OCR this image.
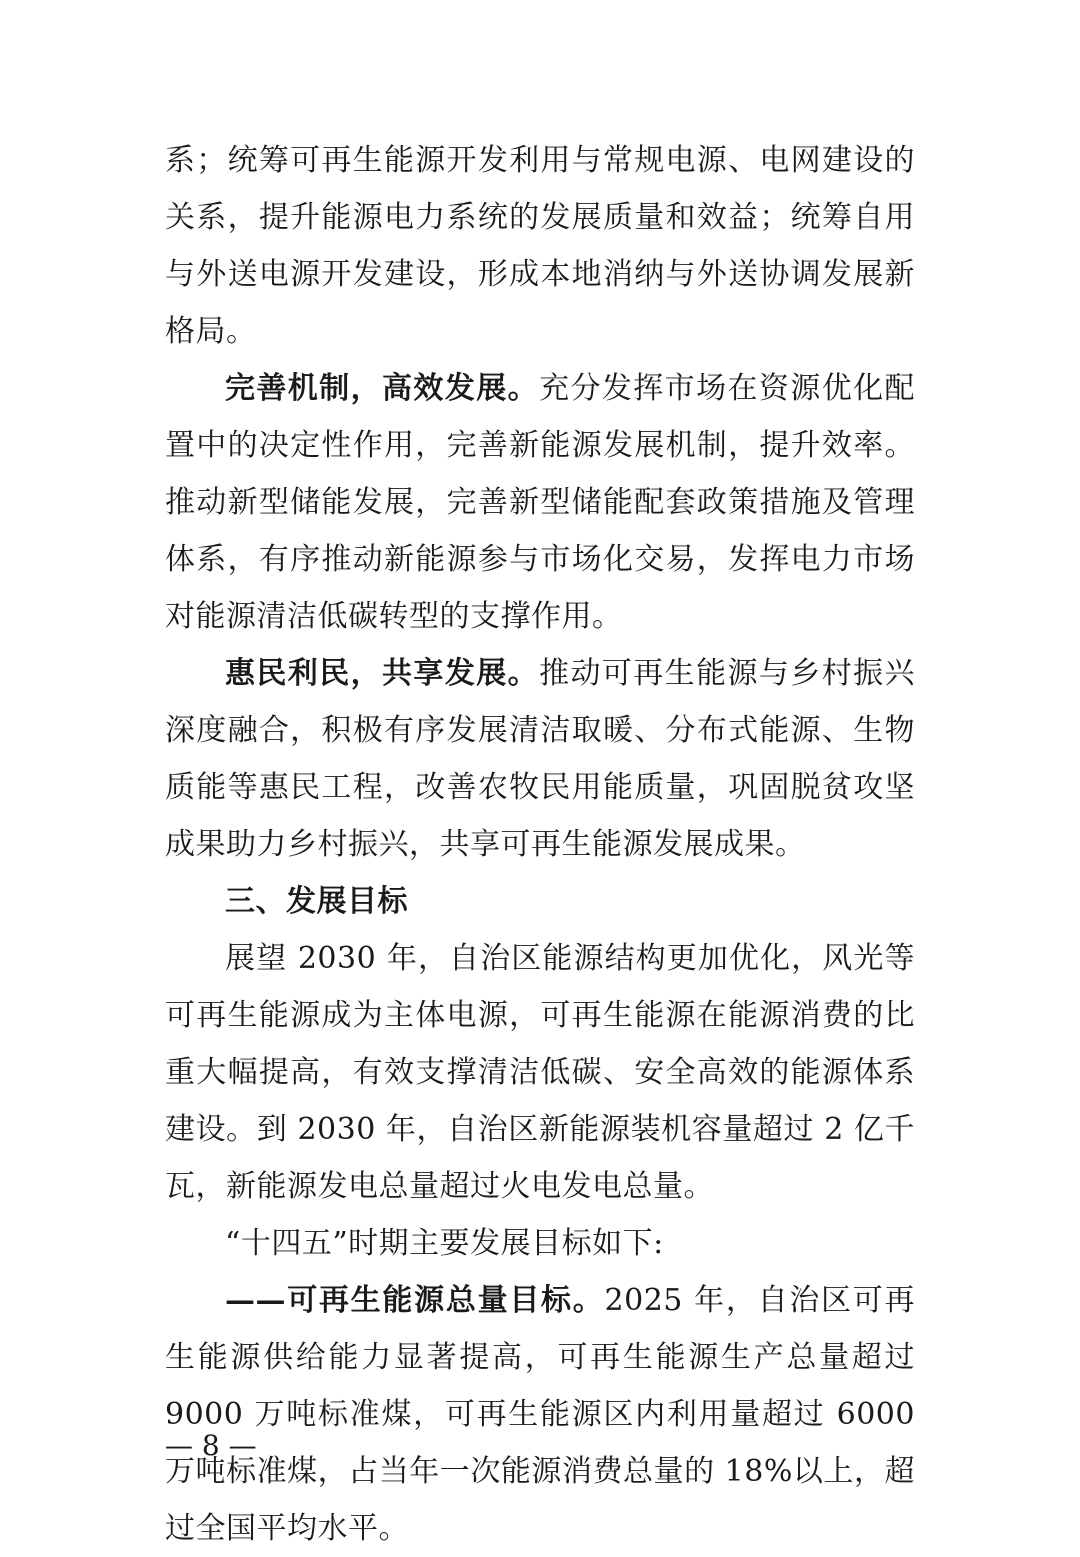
系；统筹可再生能源开发利用与常规电源、电网建设的关系，提升能源电力系统的发展质量和效益；统筹自用与外送电源开发建设，形成本地消纳与外送协调发展新格局。

完善机制，高效发展。充分发挥市场在资源优化配置中的决定性作用，完善新能源发展机制，提升效率。推动新型储能发展，完善新型储能配套政策措施及管理体系，有序推动新能源参与市场化交易，发挥电力市场对能源清洁低碳转型的支撑作用。

惠民利民，共享发展。推动可再生能源与乡村振兴深度融合，积极有序发展清洁取暖、分布式能源、生物质能等惠民工程，改善农牧民用能质量，巩固脱贫攻坚成果助力乡村振兴，共享可再生能源发展成果。

三、发展目标

展望 2030 年，自治区能源结构更加优化，风光等可再生能源成为主体电源，可再生能源在能源消费的比重大幅提高，有效支撑清洁低碳、安全高效的能源体系建设。到 2030 年，自治区新能源装机容量超过 2 亿千瓦，新能源发电总量超过火电发电总量。

“十四五”时期主要发展目标如下:

——可再生能源总量目标。2025 年，自治区可再生能源供给能力显著提高，可再生能源生产总量超过 9000 万吨标准煤，可再生能源区内利用量超过 6000 万吨标准煤，占当年一次能源消费总量的 18%以上，超过全国平均水平。

— 8 —
